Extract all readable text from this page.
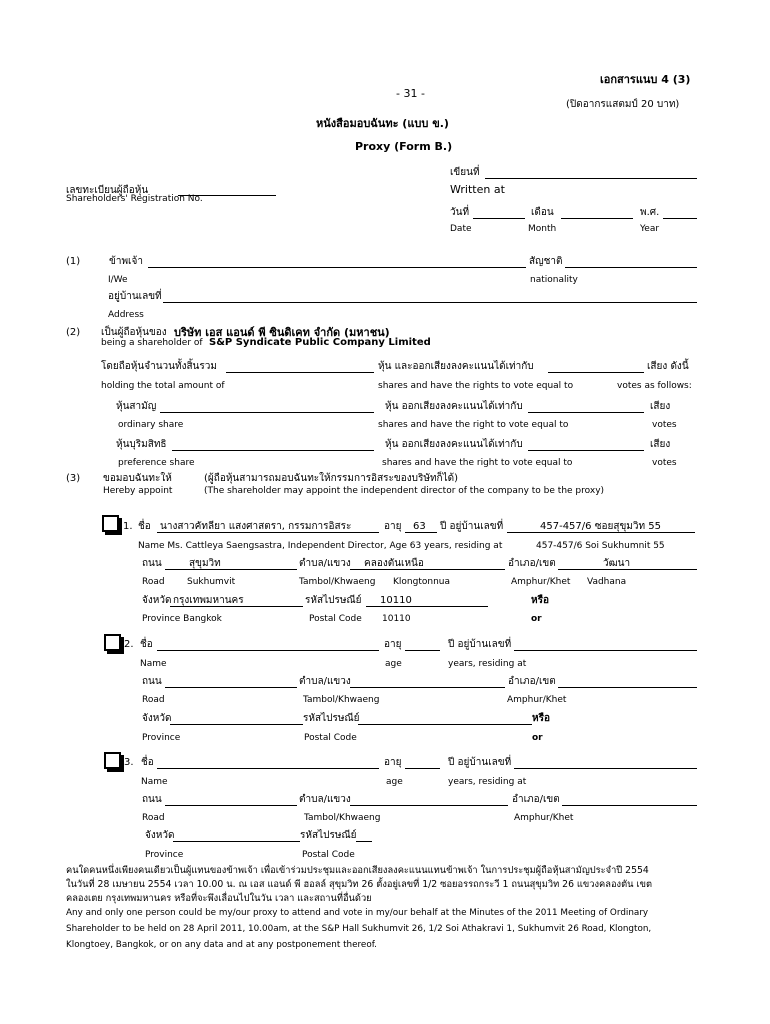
เอกสารแนบ 4 (3)
- 31 -
(ปิดอากรแสตมป์ 20 บาท)
หนังสือมอบฉันทะ (แบบ ข.)
Proxy (Form B.)
เขียนที่
Written at
เลขทะเบียนผู้ถือหุ้น
Shareholders' Registration No.
วันที่	เดือน	พ.ศ.
Date	Month	Year
(1)	ข้าพเจ้า	สัญชาติ
I/We	nationality
อยู่บ้านเลขที่
Address
(2) เป็นผู้ถือหุ้นของ บริษัท เอส แอนด์ พี ซินดิเคท จำกัด (มหาชน)
being a shareholder of S&P Syndicate Public Company Limited
โดยถือหุ้นจำนวนทั้งสิ้นรวม	หุ้น และออกเสียงลงคะแนนได้เท่ากับ	เสียง ดังนี้
holding the total amount of	shares and have the rights to vote equal to	votes as follows:
หุ้นสามัญ	หุ้น ออกเสียงลงคะแนนได้เท่ากับ	เสียง
ordinary share	shares and have the right to vote equal to	votes
หุ้นบุริมสิทธิ	หุ้น ออกเสียงลงคะแนนได้เท่ากับ	เสียง
preference share	shares and have the right to vote equal to	votes
(3) ขอมอบฉันทะให้	(ผู้ถือหุ้นสามารถมอบฉันทะให้กรรมการอิสระของบริษัทก็ได้)
Hereby appoint	(The shareholder may appoint the independent director of the company to be the proxy)
1. ชื่อ นางสาวคัทลียา แสงศาสตรา, กรรมการอิสระ	อายุ 63 ปี อยู่บ้านเลขที่	457-457/6 ซอยสุขุมวิท 55
Name Ms. Cattleya Saengsastra, Independent Director, Age 63 years, residing at	457-457/6 Soi Sukhumnit 55
ถนน	สุขุมวิท	ตำบล/แขวง คลองตันเหนือ	อำเภอ/เขต	วัฒนา
Road Sukhumvit	Tambol/Khwaeng Klongtonnua	Amphur/Khet Vadhana
จังหวัด กรุงเทพมหานคร	รหัสไปรษณีย์ 10110	หรือ
Province Bangkok	Postal Code 10110	or
2. ชื่อ	อายุ	ปี อยู่บ้านเลขที่
Name	age	years, residing at
ถนน	ตำบล/แขวง	อำเภอ/เขต
Road	Tambol/Khwaeng	Amphur/Khet
จังหวัด	รหัสไปรษณีย์	หรือ
Province	Postal Code	or
3. ชื่อ	อายุ	ปี อยู่บ้านเลขที่
Name	age	years, residing at
ถนน	ตำบล/แขวง	อำเภอ/เขต
Road	Tambol/Khwaeng	Amphur/Khet
จังหวัด	รหัสไปรษณีย์
Province	Postal Code
คนใดคนหนึ่งเพียงคนเดียวเป็นผู้แทนของข้าพเจ้า เพื่อเข้าร่วมประชุมและออกเสียงลงคะแนนแทนข้าพเจ้า ในการประชุมผู้ถือหุ้นสามัญประจำปี 2554
ในวันที่ 28 เมษายน 2554 เวลา 10.00 น. ณ เอส แอนด์ พี ฮอลล์ สุขุมวิท 26 ตั้งอยู่เลขที่ 1/2 ซอยอรรถกระวี 1 ถนนสุขุมวิท 26 แขวงคลองตัน เขต
คลองเตย กรุงเทพมหานคร หรือที่จะพึงเลื่อนไปในวัน เวลา และสถานที่อื่นด้วย
Any and only one person could be my/our proxy to attend and vote in my/our behalf at the Minutes of the 2011 Meeting of Ordinary
Shareholder to be held on 28 April 2011, 10.00am, at the S&P Hall Sukhumvit 26, 1/2 Soi Athakravi 1, Sukhumvit 26 Road, Klongton,
Klongtoey, Bangkok, or on any data and at any postponement thereof.
